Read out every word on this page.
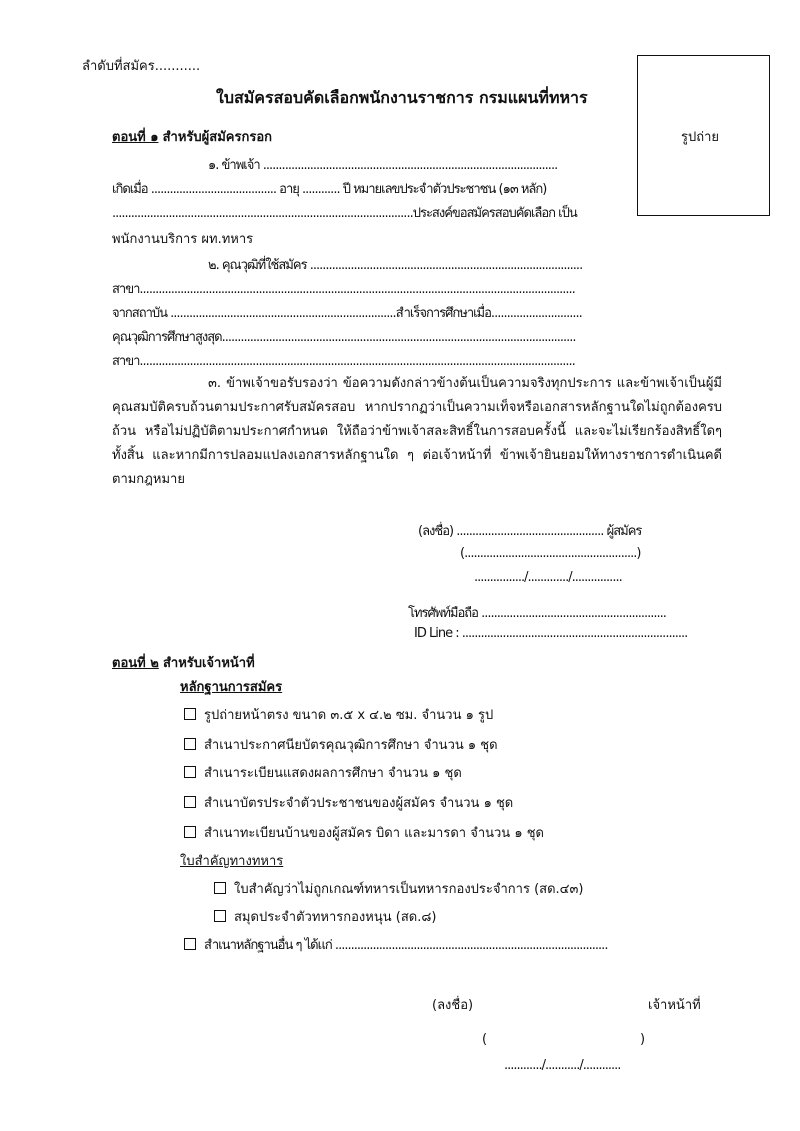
ลำดับที่สมัคร...........
ใบสมัครสอบคัดเลือกพนักงานราชการ กรมแผนที่ทหาร
รูปถ่าย
ตอนที่ ๑ สำหรับผู้สมัครกรอก
๑. ข้าพเจ้า ..............................................................................................
เกิดเมื่อ ........................................ อายุ ............ ปี หมายเลขประจำตัวประชาชน (๑๓ หลัก)
................................................................................................ประสงค์ขอสมัครสอบคัดเลือก เป็น
พนักงานบริการ ผท.ทหาร
๒. คุณวุฒิที่ใช้สมัคร .......................................................................................
สาขา...........................................................................................................................................
จากสถาบัน ........................................................................สำเร็จการศึกษาเมื่อ.............................
คุณวุฒิการศึกษาสูงสุด.................................................................................................................
สาขา...........................................................................................................................................
๓. ข้าพเจ้าขอรับรองว่า ข้อความดังกล่าวข้างต้นเป็นความจริงทุกประการ และข้าพเจ้าเป็นผู้มีคุณสมบัติครบถ้วนตามประกาศรับสมัครสอบ หากปรากฏว่าเป็นความเท็จหรือเอกสารหลักฐานใดไม่ถูกต้องครบถ้วน หรือไม่ปฏิบัติตามประกาศกำหนด ให้ถือว่าข้าพเจ้าสละสิทธิ์ในการสอบครั้งนี้ และจะไม่เรียกร้องสิทธิ์ใดๆ ทั้งสิ้น และหากมีการปลอมแปลงเอกสารหลักฐานใด ๆ ต่อเจ้าหน้าที่ ข้าพเจ้ายินยอมให้ทางราชการดำเนินคดีตามกฎหมาย
(ลงชื่อ) ............................................... ผู้สมัคร
(.......................................................)
................/............./................
โทรศัพท์มือถือ ...........................................................
ID Line : ........................................................................
ตอนที่ ๒ สำหรับเจ้าหน้าที่
หลักฐานการสมัคร
รูปถ่ายหน้าตรง ขนาด ๓.๕ x ๔.๒ ซม. จำนวน ๑ รูป
สำเนาประกาศนียบัตรคุณวุฒิการศึกษา จำนวน ๑ ชุด
สำเนาระเบียนแสดงผลการศึกษา จำนวน ๑ ชุด
สำเนาบัตรประจำตัวประชาชนของผู้สมัคร จำนวน ๑ ชุด
สำเนาทะเบียนบ้านของผู้สมัคร บิดา และมารดา จำนวน ๑ ชุด
ใบสำคัญทางทหาร
ใบสำคัญว่าไม่ถูกเกณฑ์ทหารเป็นทหารกองประจำการ (สด.๔๓)
สมุดประจำตัวทหารกองหนุน (สด.๘)
สำเนาหลักฐานอื่น ๆ ได้แก่ .......................................................................................
(ลงชื่อ)	เจ้าหน้าที่
(	)
............/.........../............
